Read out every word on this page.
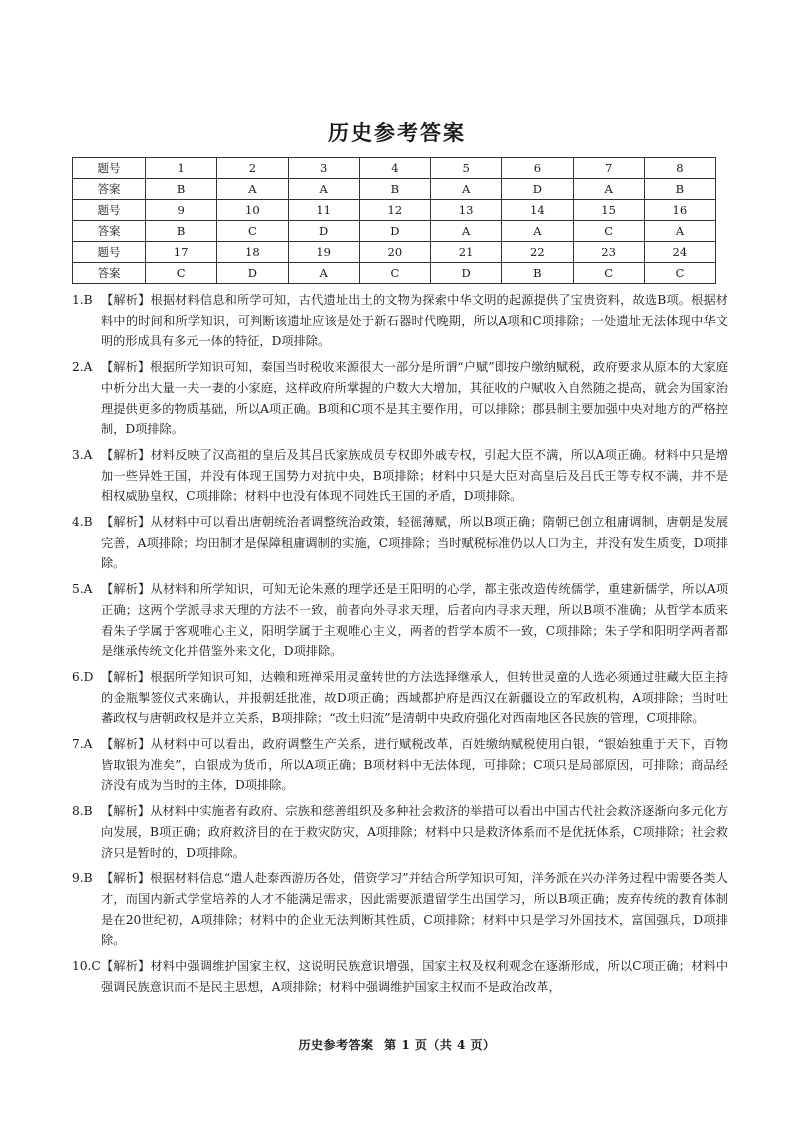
历史参考答案
题号	1	2	3	4	5	6	7	8
答案	B	A	A	B	A	D	A	B
题号	9	10	11	12	13	14	15	16
答案	B	C	D	D	A	A	C	A
题号	17	18	19	20	21	22	23	24
答案	C	D	A	C	D	B	C	C
1.B 【解析】根据材料信息和所学可知，古代遗址出土的文物为探索中华文明的起源提供了宝贵资料，故选B项。根据材料中的时间和所学知识，可判断该遗址应该是处于新石器时代晚期，所以A项和C项排除；一处遗址无法体现中华文明的形成具有多元一体的特征，D项排除。
2.A 【解析】根据所学知识可知，秦国当时税收来源很大一部分是所谓“户赋”即按户缴纳赋税，政府要求从原本的大家庭中析分出大量一夫一妻的小家庭，这样政府所掌握的户数大大增加，其征收的户赋收入自然随之提高，就会为国家治理提供更多的物质基础，所以A项正确。B项和C项不是其主要作用，可以排除；郡县制主要加强中央对地方的严格控制，D项排除。
3.A 【解析】材料反映了汉高祖的皇后及其吕氏家族成员专权即外戚专权，引起大臣不满，所以A项正确。材料中只是增加一些异姓王国，并没有体现王国势力对抗中央，B项排除；材料中只是大臣对高皇后及吕氏王等专权不满，并不是相权威胁皇权，C项排除；材料中也没有体现不同姓氏王国的矛盾，D项排除。
4.B 【解析】从材料中可以看出唐朝统治者调整统治政策，轻徭薄赋，所以B项正确；隋朝已创立租庸调制，唐朝是发展完善，A项排除；均田制才是保障租庸调制的实施，C项排除；当时赋税标准仍以人口为主，并没有发生质变，D项排除。
5.A 【解析】从材料和所学知识，可知无论朱熹的理学还是王阳明的心学，都主张改造传统儒学，重建新儒学，所以A项正确；这两个学派寻求天理的方法不一致，前者向外寻求天理，后者向内寻求天理，所以B项不准确；从哲学本质来看朱子学属于客观唯心主义，阳明学属于主观唯心主义，两者的哲学本质不一致，C项排除；朱子学和阳明学两者都是继承传统文化并借鉴外来文化，D项排除。
6.D 【解析】根据所学知识可知，达赖和班禅采用灵童转世的方法选择继承人，但转世灵童的人选必须通过驻藏大臣主持的金瓶掣签仪式来确认，并报朝廷批准，故D项正确；西域都护府是西汉在新疆设立的军政机构，A项排除；当时吐蕃政权与唐朝政权是并立关系，B项排除；“改土归流”是清朝中央政府强化对西南地区各民族的管理，C项排除。
7.A 【解析】从材料中可以看出，政府调整生产关系，进行赋税改革，百姓缴纳赋税使用白银，“银始独重于天下，百物皆取银为准矣”，白银成为货币，所以A项正确；B项材料中无法体现，可排除；C项只是局部原因，可排除；商品经济没有成为当时的主体，D项排除。
8.B 【解析】从材料中实施者有政府、宗族和慈善组织及多种社会救济的举措可以看出中国古代社会救济逐渐向多元化方向发展，B项正确；政府救济目的在于救灾防灾，A项排除；材料中只是救济体系而不是优抚体系，C项排除；社会救济只是暂时的，D项排除。
9.B 【解析】根据材料信息“遣人赴泰西游历各处，借资学习”并结合所学知识可知，洋务派在兴办洋务过程中需要各类人才，而国内新式学堂培养的人才不能满足需求，因此需要派遣留学生出国学习，所以B项正确；废弃传统的教育体制是在20世纪初，A项排除；材料中的企业无法判断其性质，C项排除；材料中只是学习外国技术，富国强兵，D项排除。
10.C 【解析】材料中强调维护国家主权，这说明民族意识增强，国家主权及权利观念在逐渐形成，所以C项正确；材料中强调民族意识而不是民主思想，A项排除；材料中强调维护国家主权而不是政治改革，
历史参考答案 第 1 页（共 4 页）
